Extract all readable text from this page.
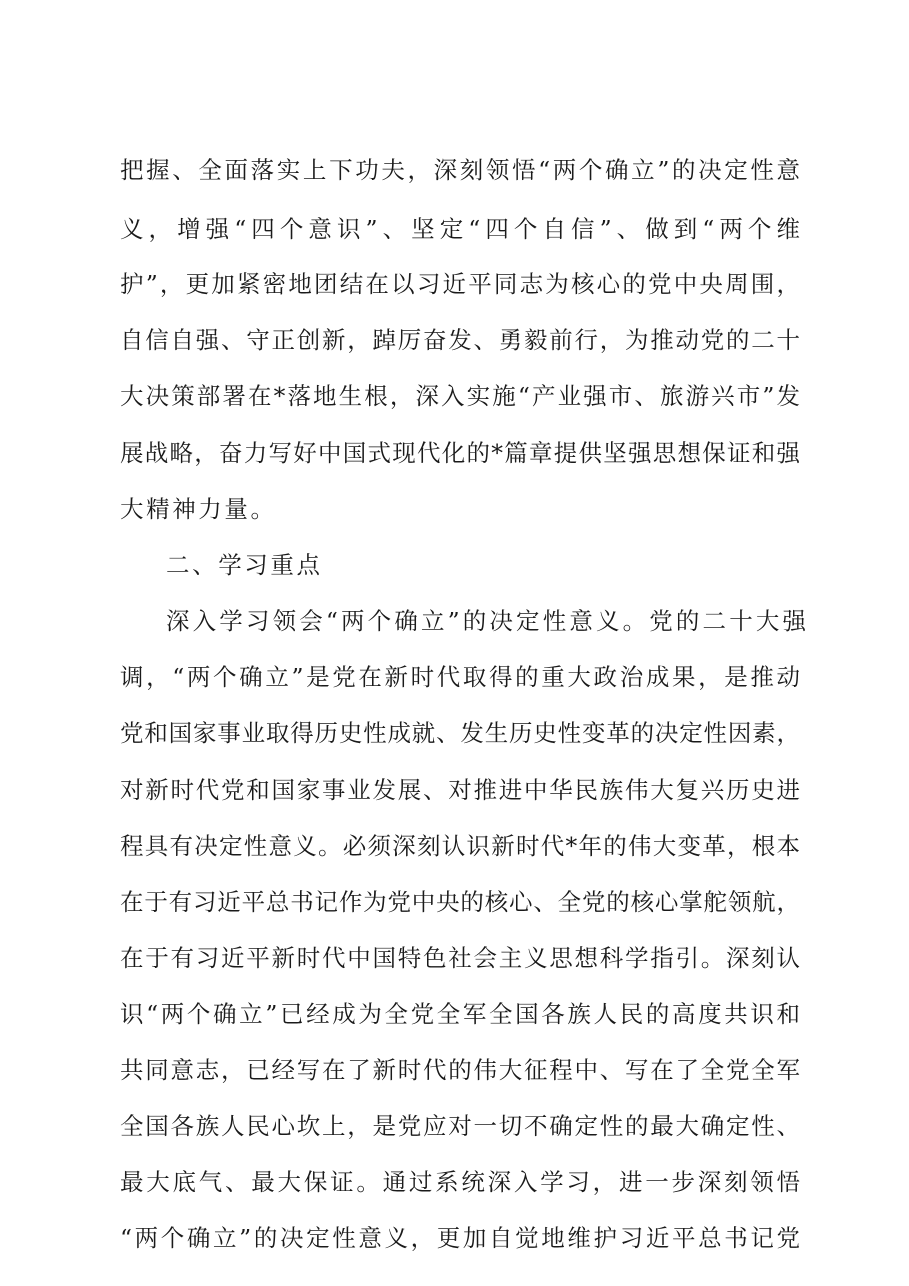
把握、全面落实上下功夫，深刻领悟“两个确立”的决定性意
义，增强“四个意识”、坚定“四个自信”、做到“两个维
护”，更加紧密地团结在以习近平同志为核心的党中央周围，
自信自强、守正创新，踔厉奋发、勇毅前行，为推动党的二十
大决策部署在*落地生根，深入实施“产业强市、旅游兴市”发
展战略，奋力写好中国式现代化的*篇章提供坚强思想保证和强
大精神力量。
二、学习重点
深入学习领会“两个确立”的决定性意义。党的二十大强
调，“两个确立”是党在新时代取得的重大政治成果，是推动
党和国家事业取得历史性成就、发生历史性变革的决定性因素，
对新时代党和国家事业发展、对推进中华民族伟大复兴历史进
程具有决定性意义。必须深刻认识新时代*年的伟大变革，根本
在于有习近平总书记作为党中央的核心、全党的核心掌舵领航，
在于有习近平新时代中国特色社会主义思想科学指引。深刻认
识“两个确立”已经成为全党全军全国各族人民的高度共识和
共同意志，已经写在了新时代的伟大征程中、写在了全党全军
全国各族人民心坎上，是党应对一切不确定性的最大确定性、
最大底气、最大保证。通过系统深入学习，进一步深刻领悟
“两个确立”的决定性意义，更加自觉地维护习近平总书记党
